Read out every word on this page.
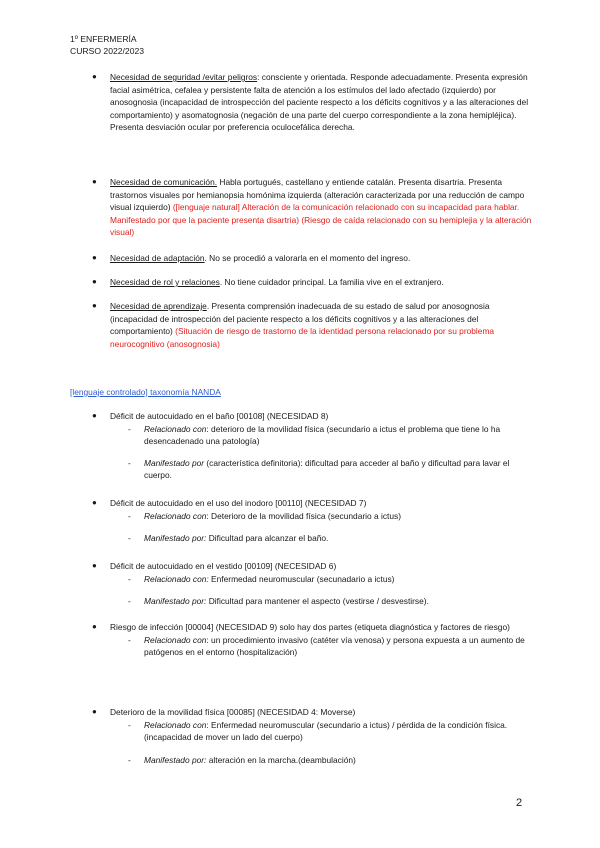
1º ENFERMERÍA
CURSO 2022/2023
● Necesidad de seguridad /evitar peligros: consciente y orientada. Responde adecuadamente. Presenta expresión facial asimétrica, cefalea y persistente falta de atención a los estímulos del lado afectado (izquierdo) por anosognosia (incapacidad de introspección del paciente respecto a los déficits cognitivos y a las alteraciones del comportamiento) y asomatognosia (negación de una parte del cuerpo correspondiente a la zona hemipléjica). Presenta desviación ocular por preferencia oculocefálica derecha.
● Necesidad de comunicación. Habla portugués, castellano y entiende catalán. Presenta disartria. Presenta trastornos visuales por hemianopsia homónima izquierda (alteración caracterizada por una reducción de campo visual izquierdo) ([lenguaje natural] Alteración de la comunicación relacionado con su incapacidad para hablar. Manifestado por que la paciente presenta disartria) (Riesgo de caída relacionado con su hemiplejia y la alteración visual)
● Necesidad de adaptación. No se procedió a valorarla en el momento del ingreso.
● Necesidad de rol y relaciones. No tiene cuidador principal. La familia vive en el extranjero.
● Necesidad de aprendizaje. Presenta comprensión inadecuada de su estado de salud por anosognosia (incapacidad de introspección del paciente respecto a los déficits cognitivos y a las alteraciones del comportamiento) (Situación de riesgo de trastorno de la identidad persona relacionado por su problema neurocognitivo (anosognosia)
[lenguaje controlado] taxonomía NANDA
● Déficit de autocuidado en el baño [00108] (NECESIDAD 8)
- Relacionado con: deterioro de la movilidad física (secundario a ictus el problema que tiene lo ha desencadenado una patología)
- Manifestado por (característica definitoria): dificultad para acceder al baño y dificultad para lavar el cuerpo.
● Déficit de autocuidado en el uso del inodoro [00110] (NECESIDAD 7)
- Relacionado con: Deterioro de la movilidad física (secundario a ictus)
- Manifestado por: Dificultad para alcanzar el baño.
● Déficit de autocuidado en el vestido [00109] (NECESIDAD 6)
- Relacionado con: Enfermedad neuromuscular (secunadario a ictus)
- Manifestado por: Dificultad para mantener el aspecto (vestirse / desvestirse).
● Riesgo de infección [00004] (NECESIDAD 9) solo hay dos partes (etiqueta diagnóstica y factores de riesgo)
- Relacionado con: un procedimiento invasivo (catéter vía venosa) y persona expuesta a un aumento de patógenos en el entorno (hospitalización)
● Deterioro de la movilidad física [00085] (NECESIDAD 4: Moverse)
- Relacionado con: Enfermedad neuromuscular (secundario a ictus) / pérdida de la condición física.(incapacidad de mover un lado del cuerpo)
- Manifestado por: alteración en la marcha.(deambulación)
2
